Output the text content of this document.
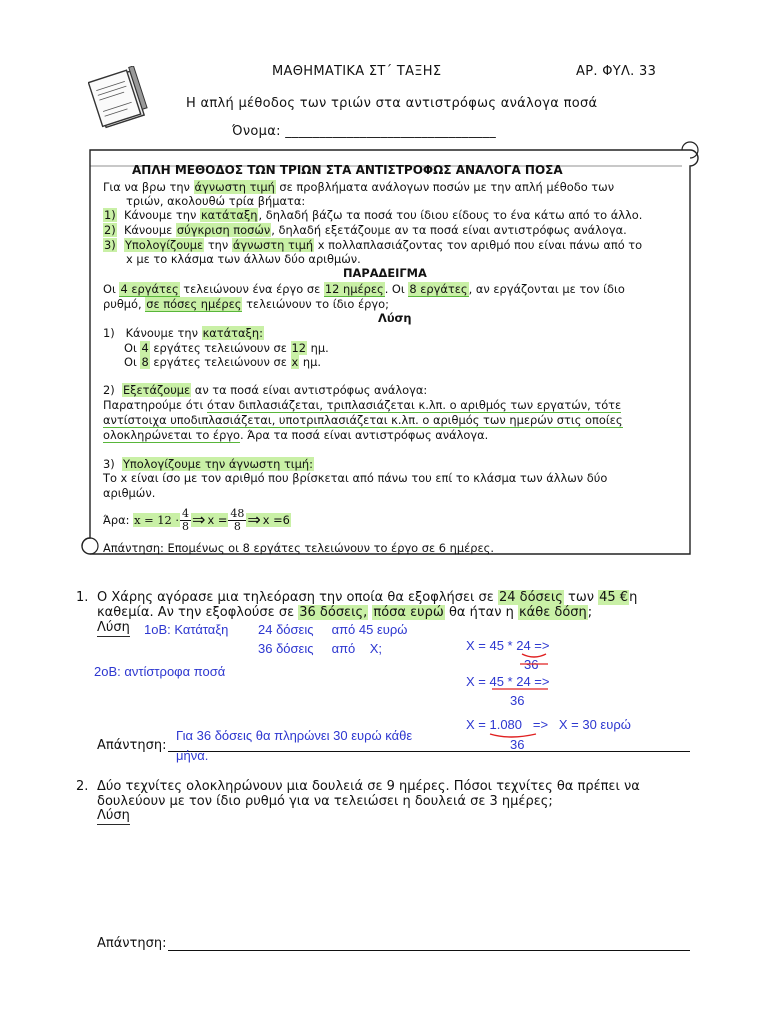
ΜΑΘΗΜΑΤΙΚΑ ΣΤ΄ ΤΑΞΗΣ	ΑΡ. ΦΥΛ. 33
Η απλή μέθοδος των τριών στα αντιστρόφως ανάλογα ποσά
Όνομα: _______________________________
ΑΠΛΗ ΜΕΘΟΔΟΣ ΤΩΝ ΤΡΙΩΝ ΣΤΑ ΑΝΤΙΣΤΡΟΦΩΣ ΑΝΑΛΟΓΑ ΠΟΣΑ
Για να βρω την άγνωστη τιμή σε προβλήματα ανάλογων ποσών με την απλή μέθοδο των
τριών, ακολουθώ τρία βήματα:
1) Κάνουμε την κατάταξη, δηλαδή βάζω τα ποσά του ίδιου είδους το ένα κάτω από το άλλο.
2) Κάνουμε σύγκριση ποσών, δηλαδή εξετάζουμε αν τα ποσά είναι αντιστρόφως ανάλογα.
3) Υπολογίζουμε την άγνωστη τιμή x πολλαπλασιάζοντας τον αριθμό που είναι πάνω από το
x με το κλάσμα των άλλων δύο αριθμών.
ΠΑΡΑΔΕΙΓΜΑ
Οι 4 εργάτες τελειώνουν ένα έργο σε 12 ημέρες. Οι 8 εργάτες, αν εργάζονται με τον ίδιο
ρυθμό, σε πόσες ημέρες τελειώνουν το ίδιο έργο;
Λύση
1) Κάνουμε την κατάταξη:
Οι 4 εργάτες τελειώνουν σε 12 ημ.
Οι 8 εργάτες τελειώνουν σε x ημ.
2) Εξετάζουμε αν τα ποσά είναι αντιστρόφως ανάλογα:
Παρατηρούμε ότι όταν διπλασιάζεται, τριπλασιάζεται κ.λπ. ο αριθμός των εργατών, τότε
αντίστοιχα υποδιπλασιάζεται, υποτριπλασιάζεται κ.λπ. ο αριθμός των ημερών στις οποίες
ολοκληρώνεται το έργο. Άρα τα ποσά είναι αντιστρόφως ανάλογα.
3) Υπολογίζουμε την άγνωστη τιμή:
Το x είναι ίσο με τον αριθμό που βρίσκεται από πάνω του επί το κλάσμα των άλλων δύο
αριθμών.
Άρα:
$x = 12 \cdot \frac{4}{8}$ ⇒ $x = \frac{48}{8}$ ⇒ x =6
Απάντηση: Επομένως οι 8 εργάτες τελειώνουν το έργο σε 6 ημέρες.
1. Ο Χάρης αγόρασε μια τηλεόραση την οποία θα εξοφλήσει σε 24 δόσεις των 45 €η
καθεμία. Αν την εξοφλούσε σε 36 δόσεις, πόσα ευρώ θα ήταν η κάθε δόση;
Λύση 1οΒ: Κατάταξη 24 δόσεις     από 45 ευρώ
36 δόσεις     από    Χ;
2οΒ: αντίστροφα ποσά
Χ = 45 * 24 =>
36
Χ = 45 * 24 =>
36
Χ = 1.080   =>   Χ = 30 ευρώ
36
Απάντηση:
Για 36 δόσεις θα πληρώνει 30 ευρώ κάθε
μήνα.
2. Δύο τεχνίτες ολοκληρώνουν μια δουλειά σε 9 ημέρες. Πόσοι τεχνίτες θα πρέπει να
δουλεύουν με τον ίδιο ρυθμό για να τελειώσει η δουλειά σε 3 ημέρες;
Λύση
Απάντηση:
